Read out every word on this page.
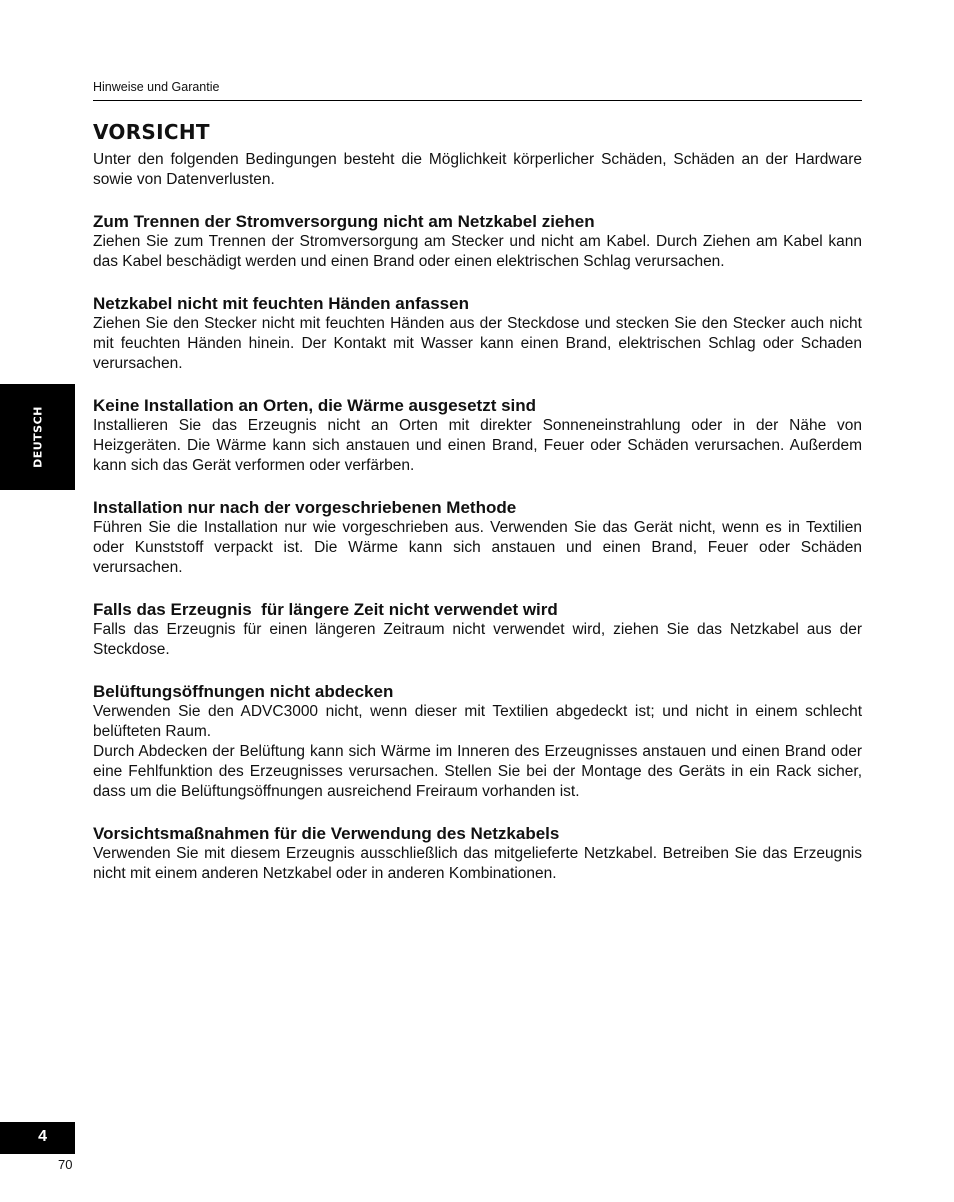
Hinweise und Garantie
DEUTSCH
VORSICHT

Unter den folgenden Bedingungen besteht die Möglichkeit körperlicher Schäden, Schäden an der Hardware sowie von Datenverlusten.

Zum Trennen der Stromversorgung nicht am Netzkabel ziehen

Ziehen Sie zum Trennen der Stromversorgung am Stecker und nicht am Kabel. Durch Ziehen am Kabel kann das Kabel beschädigt werden und einen Brand oder einen elektrischen Schlag verursachen.

Netzkabel nicht mit feuchten Händen anfassen

Ziehen Sie den Stecker nicht mit feuchten Händen aus der Steckdose und stecken Sie den Stecker auch nicht mit feuchten Händen hinein. Der Kontakt mit Wasser kann einen Brand, elektrischen Schlag oder Schaden verursachen.

Keine Installation an Orten, die Wärme ausgesetzt sind

Installieren Sie das Erzeugnis nicht an Orten mit direkter Sonneneinstrahlung oder in der Nähe von Heizgeräten. Die Wärme kann sich anstauen und einen Brand, Feuer oder Schäden verursachen. Außerdem kann sich das Gerät verformen oder verfärben.

Installation nur nach der vorgeschriebenen Methode

Führen Sie die Installation nur wie vorgeschrieben aus. Verwenden Sie das Gerät nicht, wenn es in Textilien oder Kunststoff verpackt ist. Die Wärme kann sich anstauen und einen Brand, Feuer oder Schäden verursachen.

Falls das Erzeugnis  für längere Zeit nicht verwendet wird

Falls das Erzeugnis für einen längeren Zeitraum nicht verwendet wird, ziehen Sie das Netzkabel aus der Steckdose.

Belüftungsöffnungen nicht abdecken

Verwenden Sie den ADVC3000 nicht, wenn dieser mit Textilien abgedeckt ist; und nicht in einem schlecht belüfteten Raum.

Durch Abdecken der Belüftung kann sich Wärme im Inneren des Erzeugnisses anstauen und einen Brand oder eine Fehlfunktion des Erzeugnisses verursachen. Stellen Sie bei der Montage des Geräts in ein Rack sicher, dass um die Belüftungsöffnungen ausreichend Freiraum vorhanden ist.

Vorsichtsmaßnahmen für die Verwendung des Netzkabels

Verwenden Sie mit diesem Erzeugnis ausschließlich das mitgelieferte Netzkabel. Betreiben Sie das Erzeugnis nicht mit einem anderen Netzkabel oder in anderen Kombinationen.

4
70
